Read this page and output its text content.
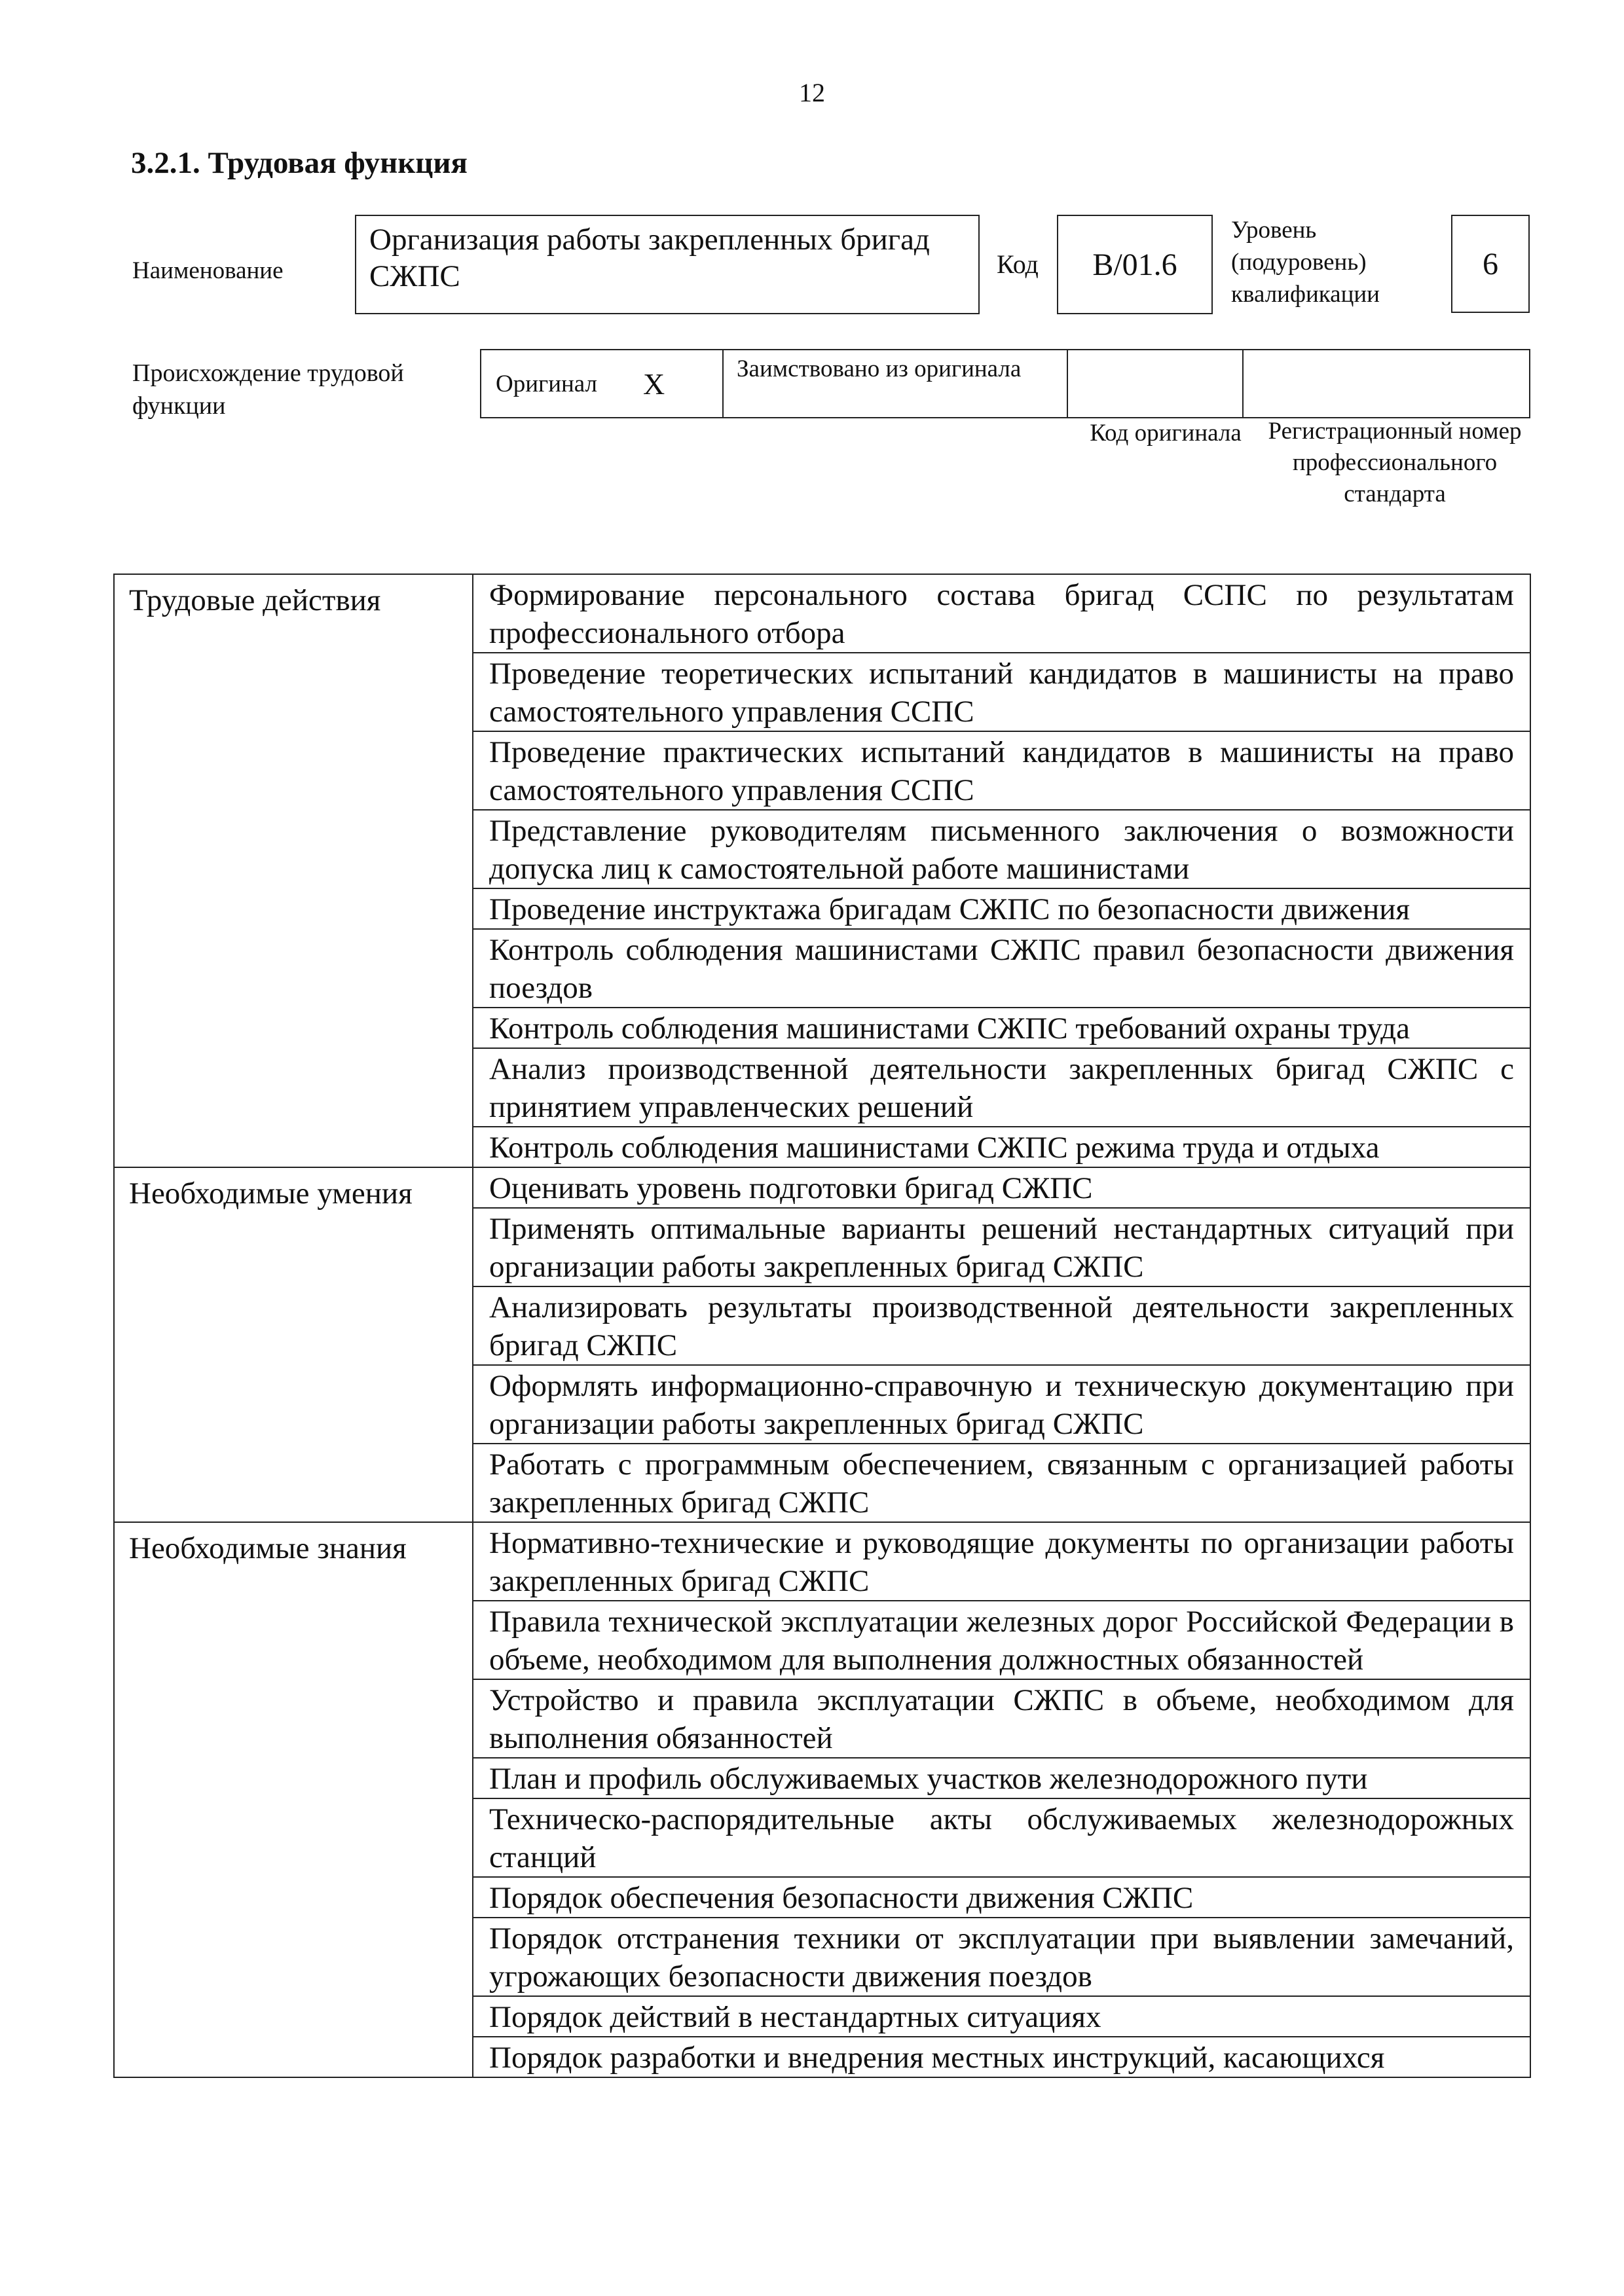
12
3.2.1. Трудовая функция
Наименование
Организация работы закрепленных бригад СЖПС	Код B/01.6
Уровень (подуровень) квалификации
6
Происхождение трудовой функции
Оригинал X	Заимствовано из оригинала
Код оригинала	Регистрационный номер профессионального стандарта
Трудовые действия	Формирование персонального состава бригад ССПС по результатам профессионального отбора
	Проведение теоретических испытаний кандидатов в машинисты на право самостоятельного управления ССПС
	Проведение практических испытаний кандидатов в машинисты на право самостоятельного управления ССПС
	Представление руководителям письменного заключения о возможности допуска лиц к самостоятельной работе машинистами
	Проведение инструктажа бригадам СЖПС по безопасности движения
	Контроль соблюдения машинистами СЖПС правил безопасности движения поездов
	Контроль соблюдения машинистами СЖПС требований охраны труда
	Анализ производственной деятельности закрепленных бригад СЖПС с принятием управленческих решений
	Контроль соблюдения машинистами СЖПС режима труда и отдыха
Необходимые умения	Оценивать уровень подготовки бригад СЖПС
	Применять оптимальные варианты решений нестандартных ситуаций при организации работы закрепленных бригад СЖПС
	Анализировать результаты производственной деятельности закрепленных бригад СЖПС
	Оформлять информационно-справочную и техническую документацию при организации работы закрепленных бригад СЖПС
	Работать с программным обеспечением, связанным с организацией работы закрепленных бригад СЖПС
Необходимые знания	Нормативно-технические и руководящие документы по организации работы закрепленных бригад СЖПС
	Правила технической эксплуатации железных дорог Российской Федерации в объеме, необходимом для выполнения должностных обязанностей
	Устройство и правила эксплуатации СЖПС в объеме, необходимом для выполнения обязанностей
	План и профиль обслуживаемых участков железнодорожного пути
	Техническо-распорядительные акты обслуживаемых железнодорожных станций
	Порядок обеспечения безопасности движения СЖПС
	Порядок отстранения техники от эксплуатации при выявлении замечаний, угрожающих безопасности движения поездов
	Порядок действий в нестандартных ситуациях
	Порядок разработки и внедрения местных инструкций, касающихся
